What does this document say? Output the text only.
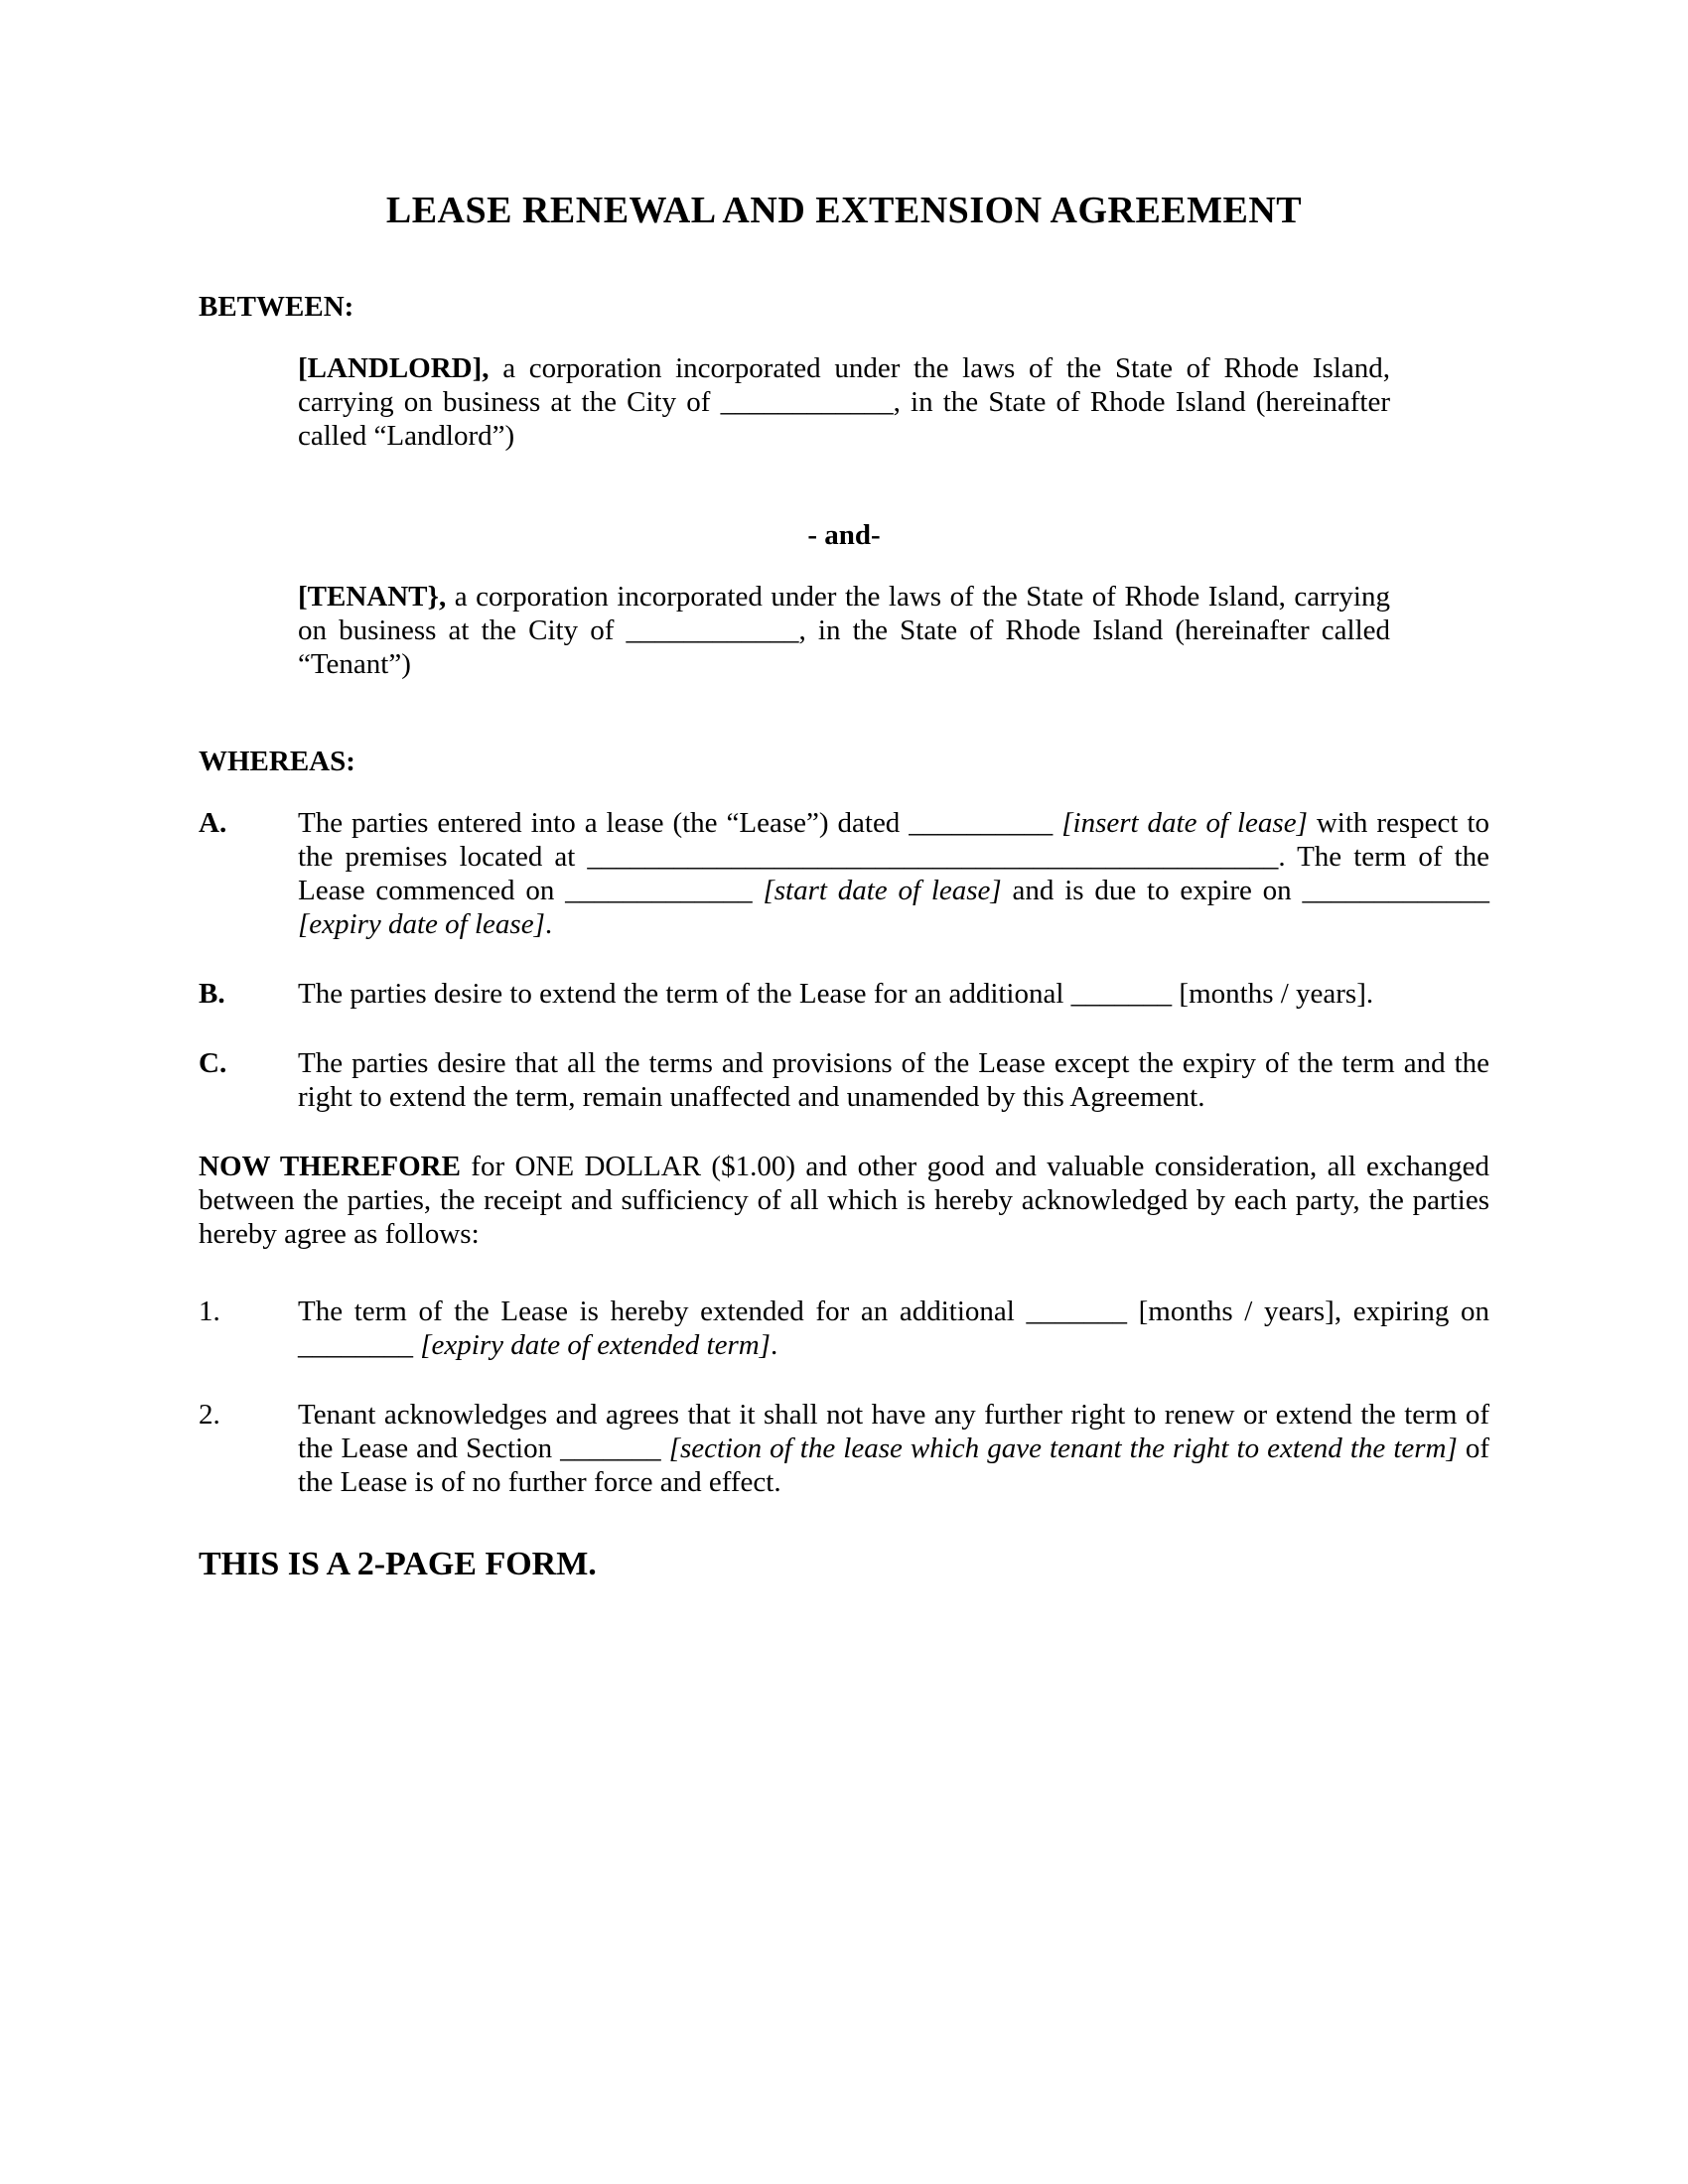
LEASE RENEWAL AND EXTENSION AGREEMENT
BETWEEN:
[LANDLORD], a corporation incorporated under the laws of the State of Rhode Island, carrying on business at the City of ____________, in the State of Rhode Island (hereinafter called “Landlord”)
- and-
[TENANT}, a corporation incorporated under the laws of the State of Rhode Island, carrying on business at the City of ____________, in the State of Rhode Island (hereinafter called “Tenant”)
WHEREAS:
A. The parties entered into a lease (the “Lease”) dated __________ [insert date of lease] with respect to the premises located at ________________________________________________. The term of the Lease commenced on _____________ [start date of lease] and is due to expire on _____________ [expiry date of lease].
B.	The parties desire to extend the term of the Lease for an additional _______ [months / years].
C. The parties desire that all the terms and provisions of the Lease except the expiry of the term and the right to extend the term, remain unaffected and unamended by this Agreement.
NOW THEREFORE for ONE DOLLAR ($1.00) and other good and valuable consideration, all exchanged between the parties, the receipt and sufficiency of all which is hereby acknowledged by each party, the parties hereby agree as follows:
1.	The term of the Lease is hereby extended for an additional _______ [months / years], expiring on ________ [expiry date of extended term].
2.	Tenant acknowledges and agrees that it shall not have any further right to renew or extend the term of the Lease and Section _______ [section of the lease which gave tenant the right to extend the term] of the Lease is of no further force and effect.
THIS IS A 2-PAGE FORM.
